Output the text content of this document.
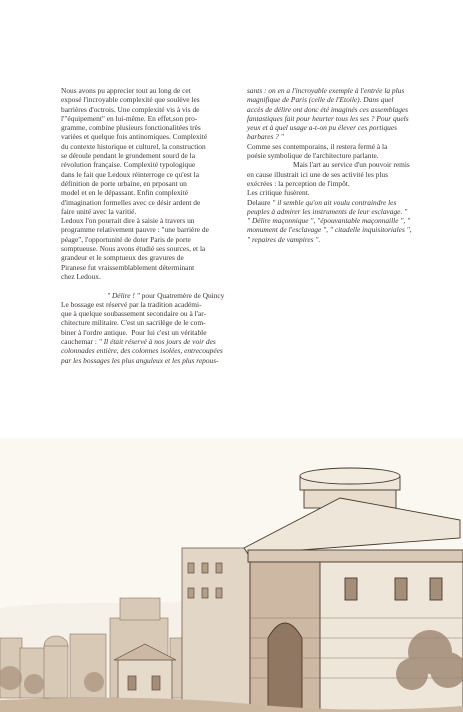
Nous avons pu apprecier tout au long de cet
exposé l'incroyable complexité que soulève les
barrières d'octrois. Une complexité vis à vis de
l'"équipement" en lui-même. En effet,son pro-
gramme, combine plusieurs fonctionalitées très
variées et quelque fois antinomiques. Complexité
du contexte historique et culturel, la construction
se déroule pendant le grondement sourd de la
révolution française. Complexité typologique
dans le fait que Ledoux réinterroge ce qu'est la
définition de porte urbaine, en prposant un
model et en le dépassant. Enfin complexité
d'imagination formelles avec ce désir ardent de
faire unité avec la varitié.

Ledoux l'on pourrait dire à saisie à travers un
programme relativement pauvre : "une barrière de
péage", l'opportunité de doter Paris de porte
somptueuse. Nous avons étudié ses sources, et la
grandeur et le somptueux des gravures de
Piranese fut vraissemblablement déterminant
chez Ledoux.

" Délire ! " pour Quatremère de Quincy

Le bossage est réservé par la tradition académi-
que à quelque soubassement secondaire ou à l'ar-
chitecture militaire. C'est un sacrilège de le com-
biner à l'ordre antique.  Pour lui c'est un véritable
cauchemar : " Il était réservé à nos jours de voir des
colonnades entière, des colonnes isolées, entrecoupées
par les bossages les plus anguleux et les plus repous-

sants : on en a l'incroyable exemple à l'entrée la plus
magnifique de Paris (celle de l'Etoile). Dans quel
accès de délire ont donc été imaginés ces assemblages
fantastiques fait pour heurter tous les ses ? Pour quels
yeux et à quel usage a-t-on pu élever ces portiques
barbares ? "

Comme ses contemporains, il restera fermé à la
poésie symbolique de l'architecture parlante.

Mais l'art au service d'un pouvoir remis

en cause illustrait ici une de ses activité les plus
exécrées : la perception de l'impôt.

Les critique fusèrent.

Delaure " il semble qu'on ait voulu contraindre les
peuples à admirer les instruments de leur esclavage. "
" Délire maçonnique ", "épouvantable maçonnaille ", "
monument de l'esclavage ", " citadelle inquisitoriales ",
" repaires de vampires ".
